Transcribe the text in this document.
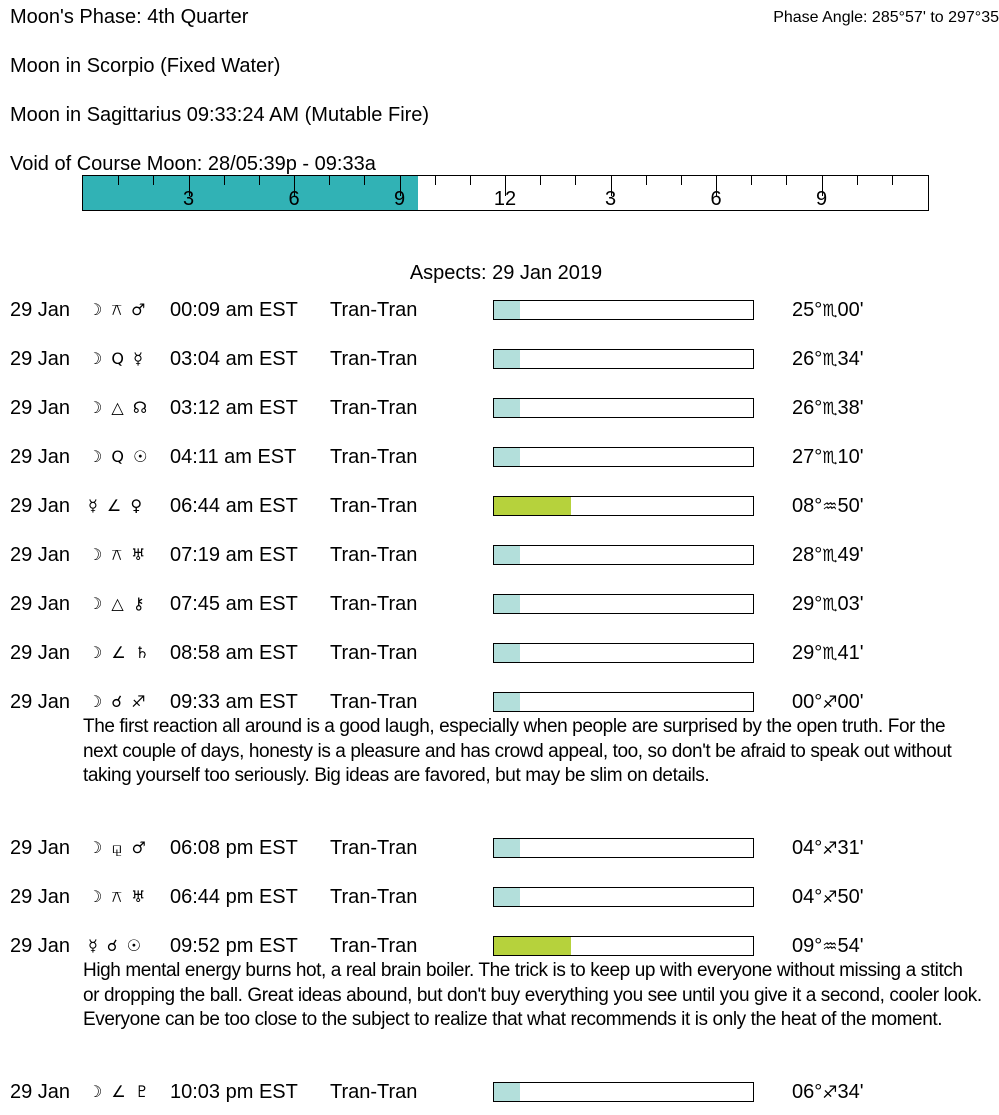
Moon's Phase: 4th Quarter	Phase Angle: 285°57' to 297°35
Moon in Scorpio (Fixed Water)
Moon in Sagittarius 09:33:24 AM (Mutable Fire)
Void of Course Moon: 28/05:39p - 09:33a
3	6	9	12	3	6	9
Aspects: 29 Jan 2019
29 Jan ☽ ⚻ ♂ 00:09 am EST Tran-Tran	25°♏00'
29 Jan ☽ Q ☿ 03:04 am EST Tran-Tran	26°♏34'
29 Jan ☽ △ ☊ 03:12 am EST Tran-Tran	26°♏38'
29 Jan ☽ Q ☉ 04:11 am EST Tran-Tran	27°♏10'
29 Jan ☿ ∠ ♀ 06:44 am EST Tran-Tran	08°♒50'
29 Jan ☽ ⚻ ♅ 07:19 am EST Tran-Tran	28°♏49'
29 Jan ☽ △ ⚷ 07:45 am EST Tran-Tran	29°♏03'
29 Jan ☽ ∠ ♄ 08:58 am EST Tran-Tran	29°♏41'
29 Jan ☽ ☌ ♐ 09:33 am EST Tran-Tran	00°♐00'
The first reaction all around is a good laugh, especially when people are surprised by the open truth. For the next couple of days, honesty is a pleasure and has crowd appeal, too, so don't be afraid to speak out without taking yourself too seriously. Big ideas are favored, but may be slim on details.
29 Jan ☽ ⚼ ♂ 06:08 pm EST Tran-Tran	04°♐31'
29 Jan ☽ ⚻ ♅ 06:44 pm EST Tran-Tran	04°♐50'
29 Jan ☿ ☌ ☉ 09:52 pm EST Tran-Tran	09°♒54'
High mental energy burns hot, a real brain boiler. The trick is to keep up with everyone without missing a stitch or dropping the ball. Great ideas abound, but don't buy everything you see until you give it a second, cooler look. Everyone can be too close to the subject to realize that what recommends it is only the heat of the moment.
29 Jan ☽ ∠ ♇ 10:03 pm EST Tran-Tran	06°♐34'
